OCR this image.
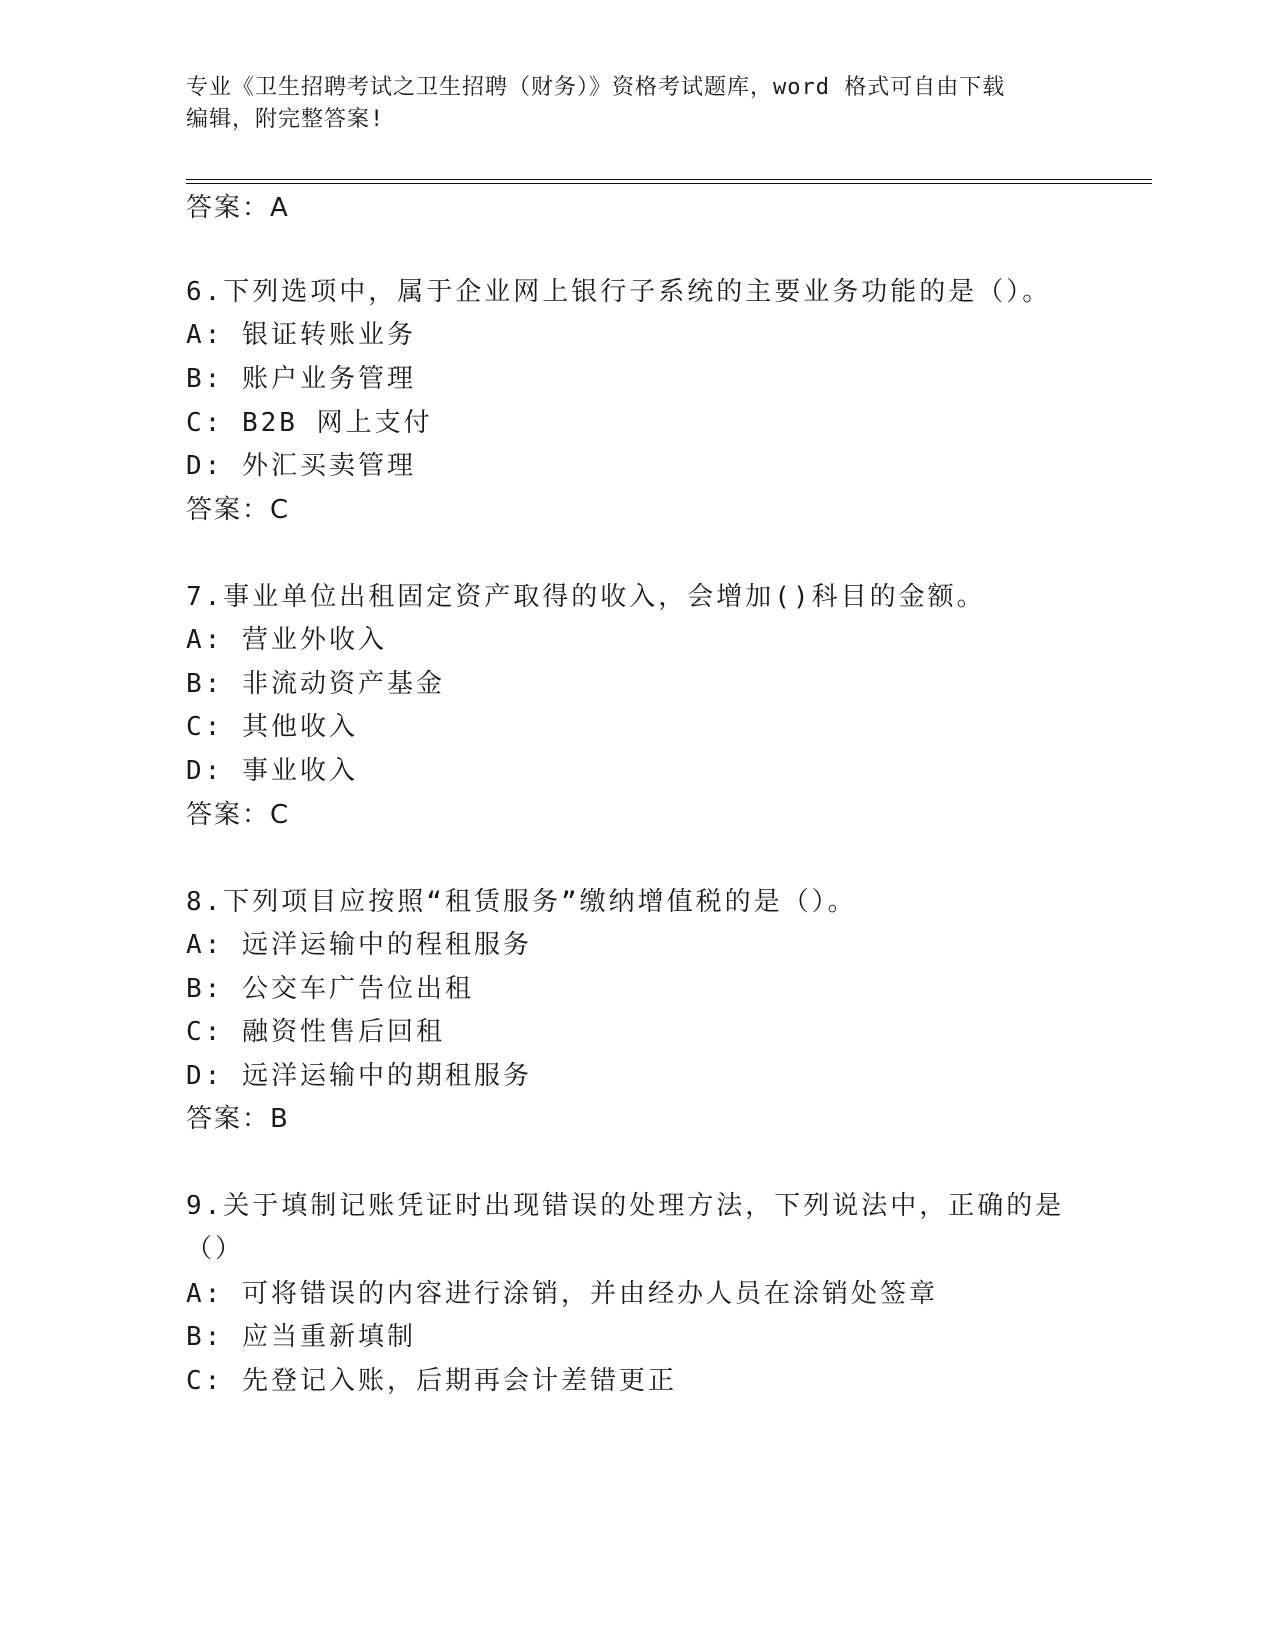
专业《卫生招聘考试之卫生招聘（财务）》资格考试题库，word 格式可自由下载
编辑，附完整答案!
答案：A
6.下列选项中，属于企业网上银行子系统的主要业务功能的是（）。
A: 银证转账业务
B: 账户业务管理
C: B2B 网上支付
D: 外汇买卖管理
答案：C
7.事业单位出租固定资产取得的收入，会增加()科目的金额。
A: 营业外收入
B: 非流动资产基金
C: 其他收入
D: 事业收入
答案：C
8.下列项目应按照“租赁服务”缴纳增值税的是（）。
A: 远洋运输中的程租服务
B: 公交车广告位出租
C: 融资性售后回租
D: 远洋运输中的期租服务
答案：B
9.关于填制记账凭证时出现错误的处理方法，下列说法中，正确的是
（）
A: 可将错误的内容进行涂销，并由经办人员在涂销处签章
B: 应当重新填制
C: 先登记入账，后期再会计差错更正
